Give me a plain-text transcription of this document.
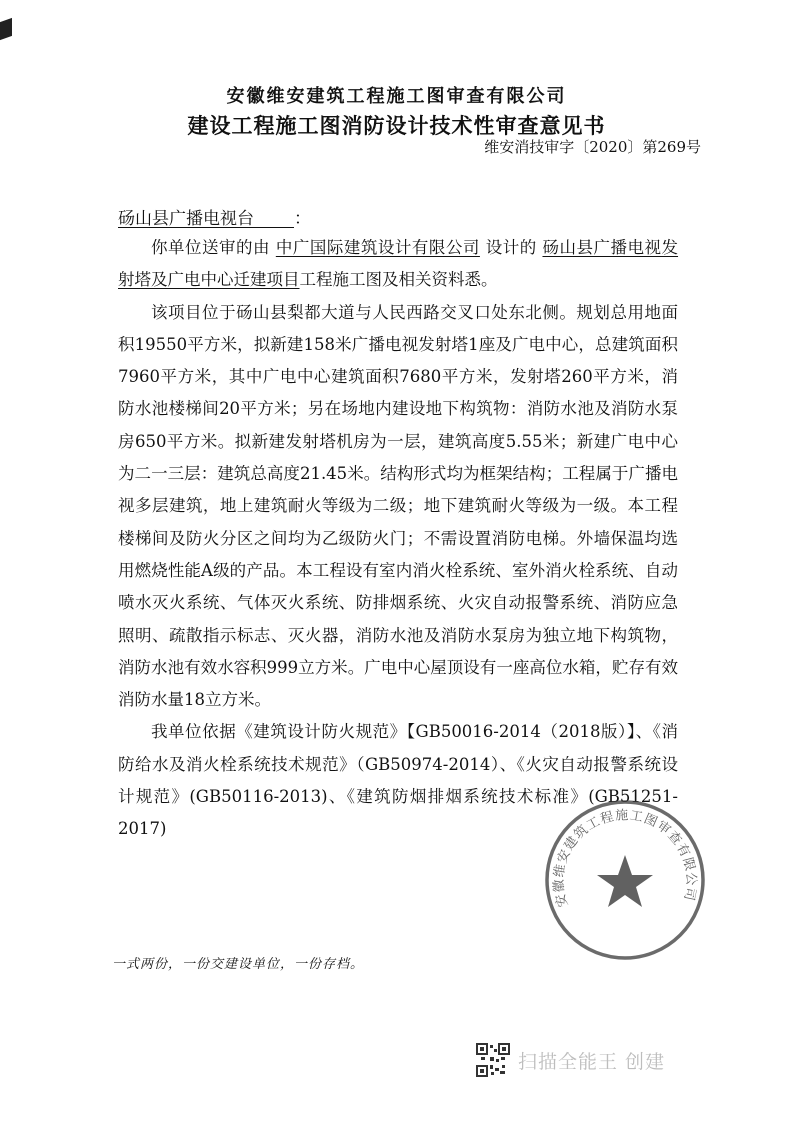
安徽维安建筑工程施工图审查有限公司
建设工程施工图消防设计技术性审查意见书
维安消技审字〔2020〕第269号
砀山县广播电视台 ：

你单位送审的由 中广国际建筑设计有限公司 设计的 砀山县广播电视发射塔及广电中心迁建项目工程施工图及相关资料悉。

该项目位于砀山县梨都大道与人民西路交叉口处东北侧。规划总用地面积19550平方米，拟新建158米广播电视发射塔1座及广电中心，总建筑面积7960平方米，其中广电中心建筑面积7680平方米，发射塔260平方米，消防水池楼梯间20平方米；另在场地内建设地下构筑物：消防水池及消防水泵房650平方米。拟新建发射塔机房为一层，建筑高度5.55米；新建广电中心为二一三层：建筑总高度21.45米。结构形式均为框架结构；工程属于广播电视多层建筑，地上建筑耐火等级为二级；地下建筑耐火等级为一级。本工程楼梯间及防火分区之间均为乙级防火门；不需设置消防电梯。外墙保温均选用燃烧性能A级的产品。本工程设有室内消火栓系统、室外消火栓系统、自动喷水灭火系统、气体灭火系统、防排烟系统、火灾自动报警系统、消防应急照明、疏散指示标志、灭火器，消防水池及消防水泵房为独立地下构筑物，消防水池有效水容积999立方米。广电中心屋顶设有一座高位水箱，贮存有效消防水量18立方米。

我单位依据《建筑设计防火规范》【GB50016-2014（2018版）】、《消防给水及消火栓系统技术规范》（GB50974-2014）、《火灾自动报警系统设计规范》(GB50116-2013)、《建筑防烟排烟系统技术标准》(GB51251-2017)

安徽维安建筑工程施工图审查有限公司
一式两份，一份交建设单位，一份存档。
扫描全能王 创建
